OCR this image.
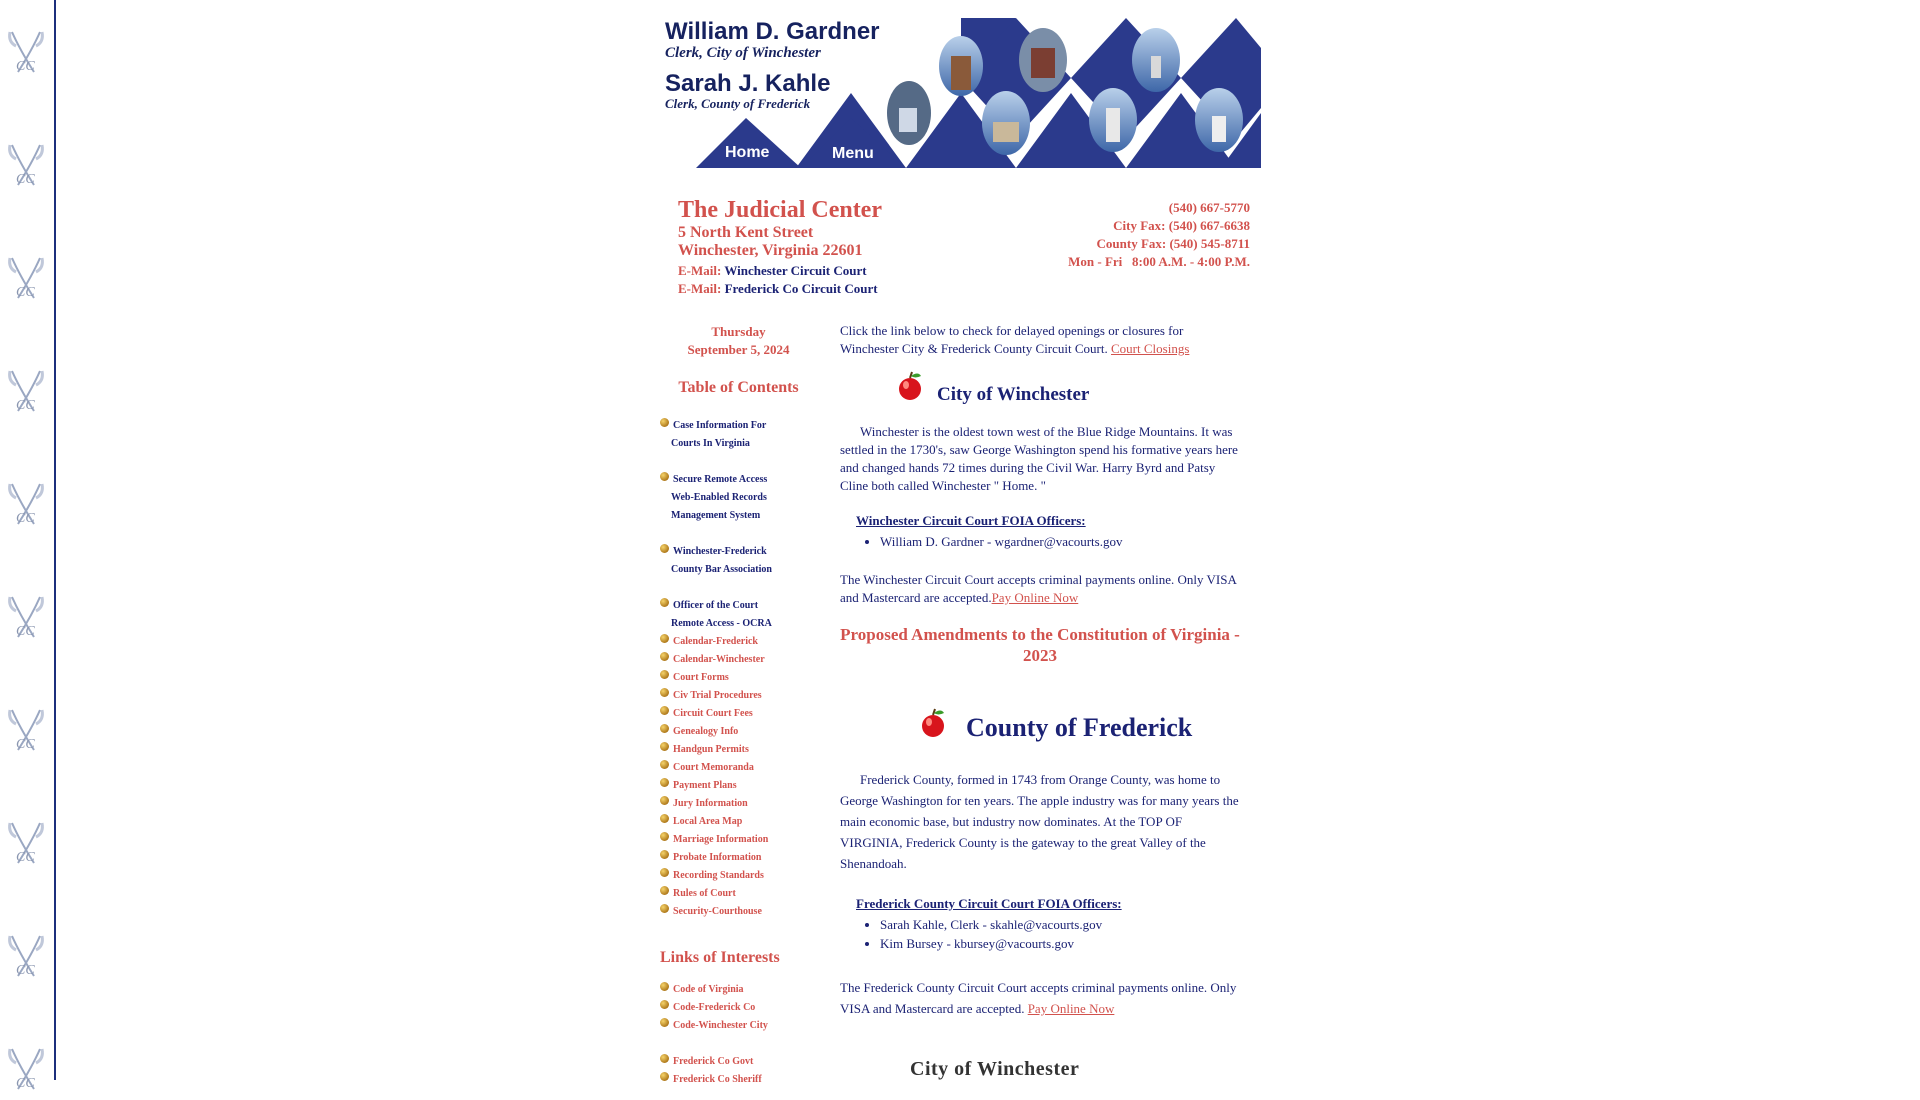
CC
CC
CC
CC
CC
CC
CC
CC
CC
CC
William D. Gardner
Clerk, City of Winchester
Sarah J. Kahle
Clerk, County of Frederick
Home	Menu
The Judicial Center
5 North Kent Street
Winchester, Virginia 22601
E-Mail: Winchester Circuit Court
E-Mail: Frederick Co Circuit Court
(540) 667-5770
City Fax: (540) 667-6638
County Fax: (540) 545-8711
Mon - Fri   8:00 A.M. - 4:00 P.M.
Thursday
September 5, 2024
Table of Contents
Case Information For
Courts In Virginia
Secure Remote Access
Web-Enabled Records
Management System
Winchester-Frederick
County Bar Association
Officer of the Court
Remote Access - OCRA
Calendar-Frederick
Calendar-Winchester
Court Forms
Civ Trial Procedures
Circuit Court Fees
Genealogy Info
Handgun Permits
Court Memoranda
Payment Plans
Jury Information
Local Area Map
Marriage Information
Probate Information
Recording Standards
Rules of Court
Security-Courthouse
Links of Interests
Code of Virginia
Code-Frederick Co
Code-Winchester City
Frederick Co Govt
Frederick Co Sheriff
Click the link below to check for delayed openings or closures for Winchester City & Frederick County Circuit Court. Court Closings
City of Winchester
Winchester is the oldest town west of the Blue Ridge Mountains. It was settled in the 1730's, saw George Washington spend his formative years here and changed hands 72 times during the Civil War. Harry Byrd and Patsy Cline both called Winchester " Home. "
Winchester Circuit Court FOIA Officers:
• William D. Gardner - wgardner@vacourts.gov
The Winchester Circuit Court accepts criminal payments online. Only VISA and Mastercard are accepted.Pay Online Now
Proposed Amendments to the Constitution of Virginia - 2023
County of Frederick
Frederick County, formed in 1743 from Orange County, was home to George Washington for ten years. The apple industry was for many years the main economic base, but industry now dominates. At the TOP OF VIRGINIA, Frederick County is the gateway to the great Valley of the Shenandoah.
Frederick County Circuit Court FOIA Officers:
• Sarah Kahle, Clerk - skahle@vacourts.gov
• Kim Bursey - kbursey@vacourts.gov
The Frederick County Circuit Court accepts criminal payments online. Only VISA and Mastercard are accepted. Pay Online Now
City of Winchester
